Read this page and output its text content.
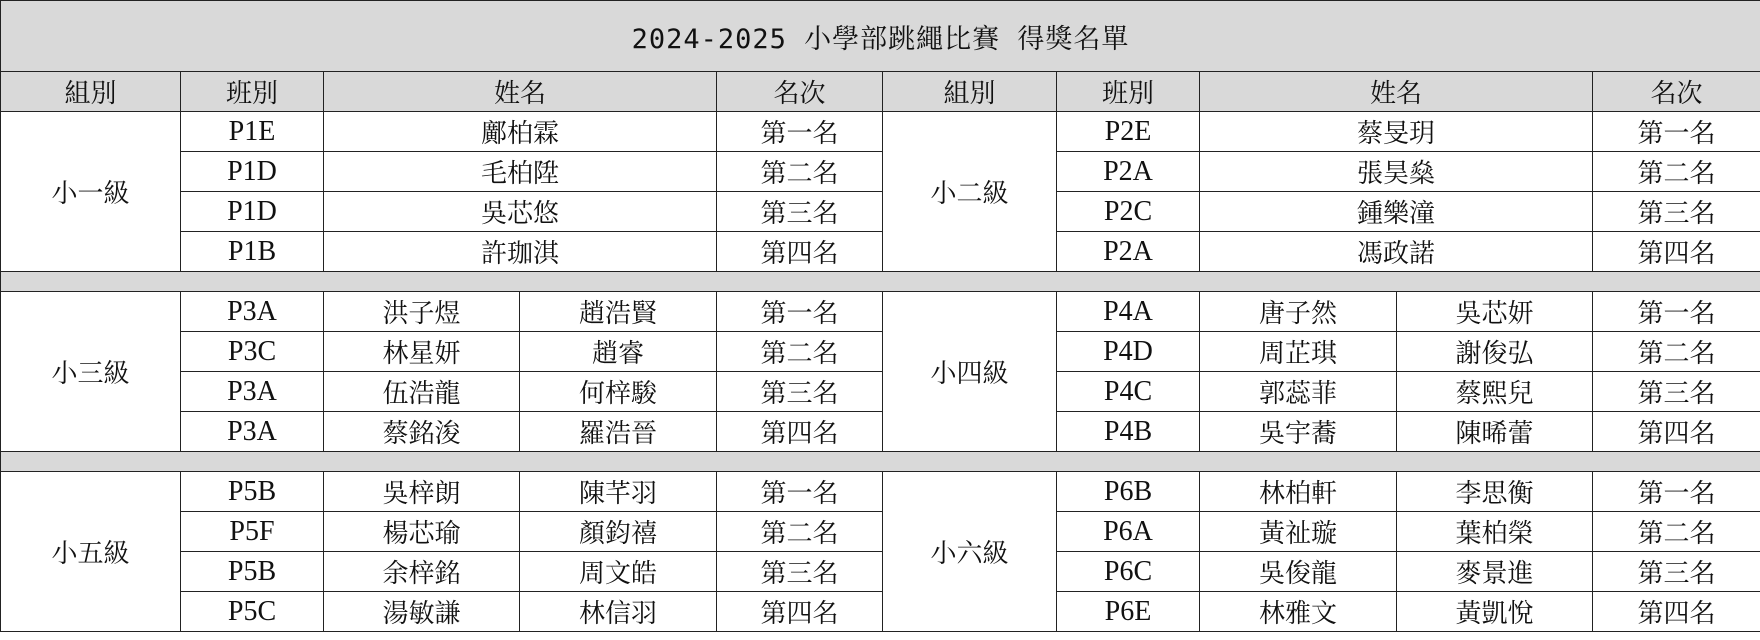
2024-2025 小學部跳繩比賽 得獎名單									
組別	班別	姓名		名次	組別	班別	姓名		名次
小一級	P1E	鄺柏霖		第一名	小二級	P2E	蔡旻玥		第一名
	P1D	毛柏陞		第二名		P2A	張昊燊		第二名
	P1D	吳芯悠		第三名		P2C	鍾樂潼		第三名
	P1B	許珈淇		第四名		P2A	馮政諾		第四名

小三級	P3A	洪子煜	趙浩賢	第一名	小四級	P4A	唐子然	吳芯妍	第一名
	P3C	林星妍	趙睿	第二名		P4D	周芷琪	謝俊弘	第二名
	P3A	伍浩龍	何梓駿	第三名		P4C	郭蕊菲	蔡熙兒	第三名
	P3A	蔡銘浚	羅浩晉	第四名		P4B	吳宇蕎	陳晞蕾	第四名

小五級	P5B	吳梓朗	陳芊羽	第一名	小六級	P6B	林柏軒	李思衡	第一名
	P5F	楊芯瑜	顏鈞禧	第二名		P6A	黃祉璇	葉柏榮	第二名
	P5B	余梓銘	周文皓	第三名		P6C	吳俊龍	麥景進	第三名
	P5C	湯敏謙	林信羽	第四名		P6E	林雅文	黃凱悅	第四名
